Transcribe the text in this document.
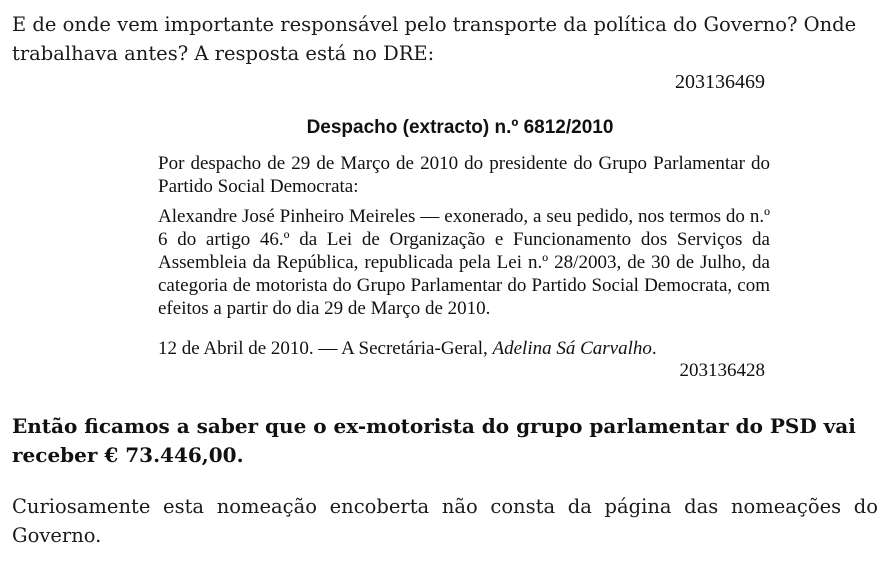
E de onde vem importante responsável pelo transporte da política do Governo? Onde trabalhava antes? A resposta está no DRE:

203136469

Despacho (extracto) n.º 6812/2010

Por despacho de 29 de Março de 2010 do presidente do Grupo Parlamentar do Partido Social Democrata:

Alexandre José Pinheiro Meireles — exonerado, a seu pedido, nos termos do n.º 6 do artigo 46.º da Lei de Organização e Funcionamento dos Serviços da Assembleia da República, republicada pela Lei n.º 28/2003, de 30 de Julho, da categoria de motorista do Grupo Parlamentar do Partido Social Democrata, com efeitos a partir do dia 29 de Março de 2010.

12 de Abril de 2010. — A Secretária-Geral, Adelina Sá Carvalho.

203136428

Então ficamos a saber que o ex-motorista do grupo parlamentar do PSD vai receber € 73.446,00.

Curiosamente esta nomeação encoberta não consta da página das nomeações do Governo.
